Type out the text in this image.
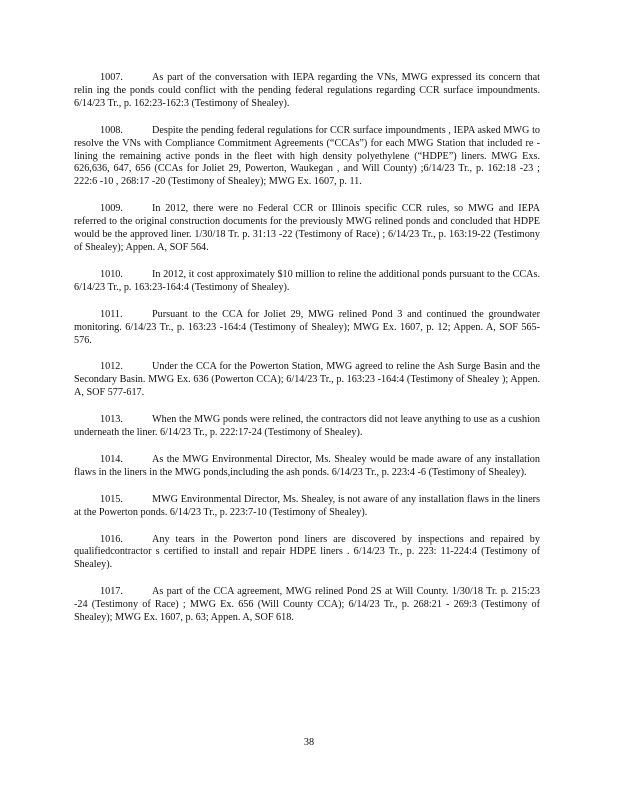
1007.	As part of the conversation with IEPA regarding the VNs, MWG expressed its concern that relin ing the ponds could conflict with the pending federal regulations regarding CCR surface impoundments. 6/14/23 Tr., p. 162:23-162:3 (Testimony of Shealey).

1008.	Despite the pending federal regulations for CCR surface impoundments , IEPA asked MWG to resolve the VNs with Compliance Commitment Agreements (“CCAs”) for each MWG Station that included re -lining the remaining active ponds in the fleet with high density polyethylene (“HDPE”) liners. MWG Exs. 626,636, 647, 656 (CCAs for Joliet 29, Powerton, Waukegan , and Will County) ;6/14/23 Tr., p. 162:18 -23 ; 222:6 -10 , 268:17 -20 (Testimony of Shealey); MWG Ex. 1607, p. 11.

1009.	In 2012, there were no Federal CCR or Illinois specific CCR rules, so MWG and IEPA referred to the original construction documents for the previously MWG relined ponds and concluded that HDPE would be the approved liner. 1/30/18 Tr. p. 31:13 -22 (Testimony of Race) ; 6/14/23 Tr., p. 163:19-22 (Testimony of Shealey); Appen. A, SOF 564.

1010.	In 2012, it cost approximately $10 million to reline the additional ponds pursuant to the CCAs. 6/14/23 Tr., p. 163:23-164:4 (Testimony of Shealey).

1011.	Pursuant to the CCA for Joliet 29, MWG relined Pond 3 and continued the groundwater monitoring. 6/14/23 Tr., p. 163:23 -164:4 (Testimony of Shealey); MWG Ex. 1607, p. 12; Appen. A, SOF 565-576.

1012.	Under the CCA for the Powerton Station, MWG agreed to reline the Ash Surge Basin and the Secondary Basin. MWG Ex. 636 (Powerton CCA); 6/14/23 Tr., p. 163:23 -164:4 (Testimony of Shealey ); Appen. A, SOF 577-617.

1013.	When the MWG ponds were relined, the contractors did not leave anything to use as a cushion underneath the liner. 6/14/23 Tr., p. 222:17-24 (Testimony of Shealey).

1014.	As the MWG Environmental Director, Ms. Shealey would be made aware of any installation flaws in the liners in the MWG ponds,including the ash ponds. 6/14/23 Tr., p. 223:4 -6 (Testimony of Shealey).

1015.	MWG Environmental Director, Ms. Shealey, is not aware of any installation flaws in the liners at the Powerton ponds. 6/14/23 Tr., p. 223:7-10 (Testimony of Shealey).

1016.	Any tears in the Powerton pond liners are discovered by inspections and repaired by qualifiedcontractor s certified to install and repair HDPE liners . 6/14/23 Tr., p. 223: 11-224:4 (Testimony of Shealey).

1017.	As part of the CCA agreement, MWG relined Pond 2S at Will County. 1/30/18 Tr. p. 215:23 -24 (Testimony of Race) ; MWG Ex. 656 (Will County CCA); 6/14/23 Tr., p. 268:21 - 269:3 (Testimony of Shealey); MWG Ex. 1607, p. 63; Appen. A, SOF 618.

38
